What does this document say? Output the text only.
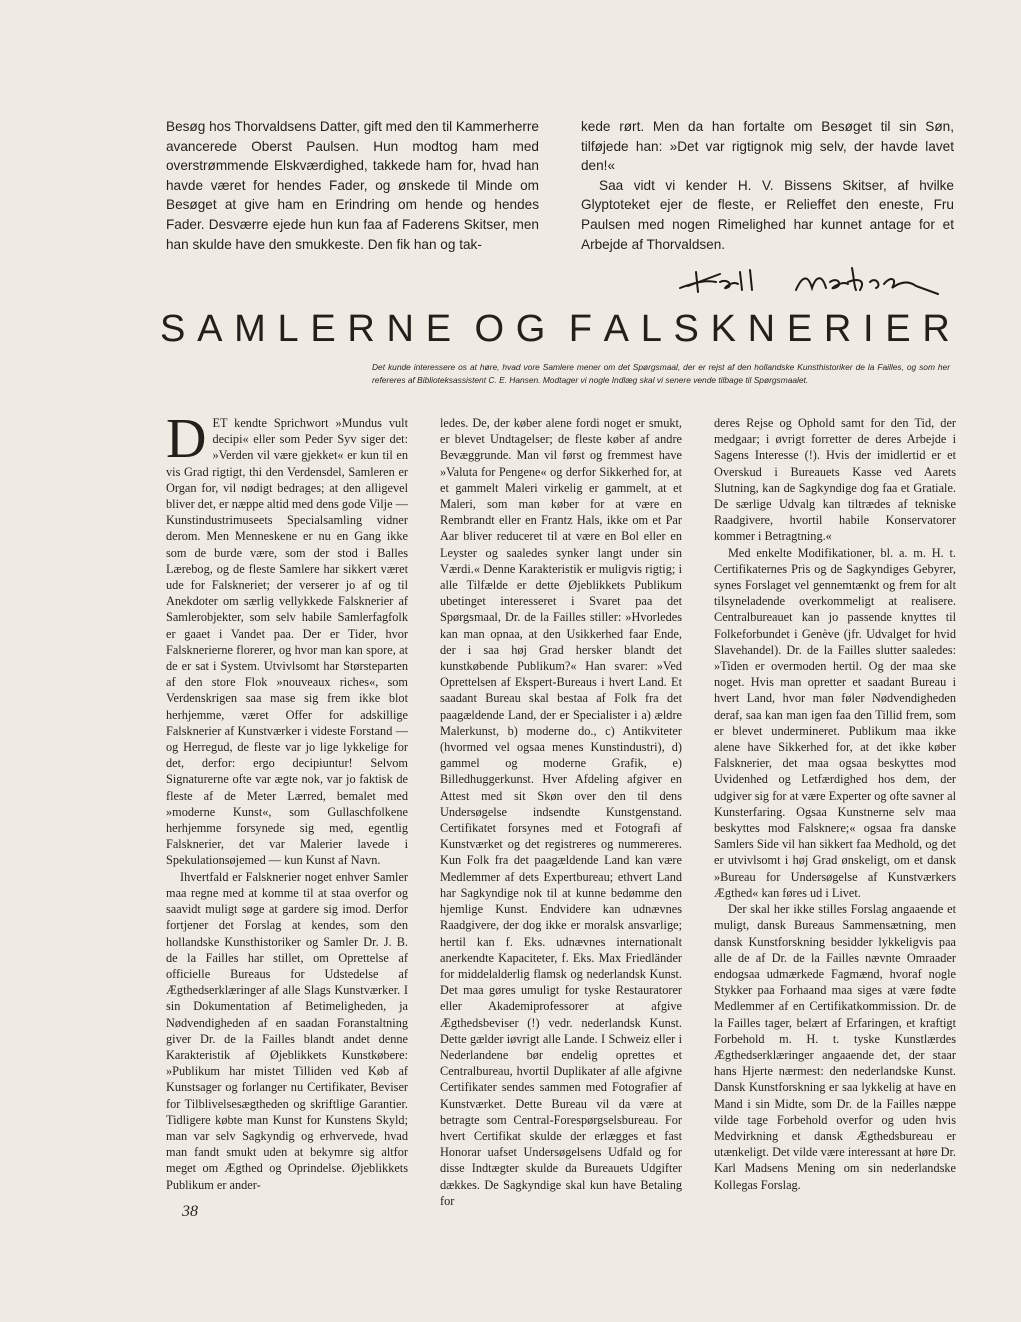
Besøg hos Thorvaldsens Datter, gift med den til Kammerherre avancerede Oberst Paulsen. Hun modtog ham med overstrømmende Elskværdighed, takkede ham for, hvad han havde været for hendes Fader, og ønskede til Minde om Besøget at give ham en Erindring om hende og hendes Fader. Desværre ejede hun kun faa af Faderens Skitser, men han skulde have den smukkeste. Den fik han og tak-

kede rørt. Men da han fortalte om Besøget til sin Søn, tilføjede han: »Det var rigtignok mig selv, der havde lavet den!«

Saa vidt vi kender H. V. Bissens Skitser, af hvilke Glyptoteket ejer de fleste, er Relieffet den eneste, Fru Paulsen med nogen Rimelighed har kunnet antage for et Arbejde af Thorvaldsen.

S A M L E R N E O G F A L S K N E R I E R
Det kunde interessere os at høre, hvad vore Samlere mener om det Spørgsmaal, der er rejst af den hollandske Kunsthistoriker de la Failles, og som her refereres af Biblioteksassistent C. E. Hansen. Modtager vi nogle Indlæg skal vi senere vende tilbage til Spørgsmaalet.

DET kendte Sprichwort »Mundus vult decipi« eller som Peder Syv siger det: »Verden vil være gjekket« er kun til en vis Grad rigtigt, thi den Verdensdel, Samleren er Organ for, vil nødigt bedrages; at den alligevel bliver det, er næppe altid med dens gode Vilje — Kunstindustrimuseets Specialsamling vidner derom. Men Menneskene er nu en Gang ikke som de burde være, som der stod i Balles Lærebog, og de fleste Samlere har sikkert været ude for Falskneriet; der verserer jo af og til Anekdoter om særlig vellykkede Falsknerier af Samlerobjekter, som selv habile Samlerfagfolk er gaaet i Vandet paa. Der er Tider, hvor Falsknerierne florerer, og hvor man kan spore, at de er sat i System. Utvivlsomt har Størsteparten af den store Flok »nouveaux riches«, som Verdenskrigen saa mase sig frem ikke blot herhjemme, været Offer for adskillige Falsknerier af Kunstværker i videste Forstand — og Herregud, de fleste var jo lige lykkelige for det, derfor: ergo decipiuntur! Selvom Signaturerne ofte var ægte nok, var jo faktisk de fleste af de Meter Lærred, bemalet med »moderne Kunst«, som Gullaschfolkene herhjemme forsynede sig med, egentlig Falsknerier, det var Malerier lavede i Spekulationsøjemed — kun Kunst af Navn.

Ihvertfald er Falsknerier noget enhver Samler maa regne med at komme til at staa overfor og saavidt muligt søge at gardere sig imod. Derfor fortjener det Forslag at kendes, som den hollandske Kunsthistoriker og Samler Dr. J. B. de la Failles har stillet, om Oprettelse af officielle Bureaus for Udstedelse af Ægthedserklæringer af alle Slags Kunstværker. I sin Dokumentation af Betimeligheden, ja Nødvendigheden af en saadan Foranstaltning giver Dr. de la Failles blandt andet denne Karakteristik af Øjeblikkets Kunstkøbere: »Publikum har mistet Tilliden ved Køb af Kunstsager og forlanger nu Certifikater, Beviser for Tilblivelsesægtheden og skriftlige Garantier. Tidligere købte man Kunst for Kunstens Skyld; man var selv Sagkyndig og erhvervede, hvad man fandt smukt uden at bekymre sig altfor meget om Ægthed og Oprindelse. Øjeblikkets Publikum er ander-

ledes. De, der køber alene fordi noget er smukt, er blevet Undtagelser; de fleste køber af andre Bevæggrunde. Man vil først og fremmest have »Valuta for Pengene« og derfor Sikkerhed for, at et gammelt Maleri virkelig er gammelt, at et Maleri, som man køber for at være en Rembrandt eller en Frantz Hals, ikke om et Par Aar bliver reduceret til at være en Bol eller en Leyster og saaledes synker langt under sin Værdi.« Denne Karakteristik er muligvis rigtig; i alle Tilfælde er dette Øjeblikkets Publikum ubetinget interesseret i Svaret paa det Spørgsmaal, Dr. de la Failles stiller: »Hvorledes kan man opnaa, at den Usikkerhed faar Ende, der i saa høj Grad hersker blandt det kunstkøbende Publikum?« Han svarer: »Ved Oprettelsen af Ekspert-Bureaus i hvert Land. Et saadant Bureau skal bestaa af Folk fra det paagældende Land, der er Specialister i a) ældre Malerkunst, b) moderne do., c) Antikviteter (hvormed vel ogsaa menes Kunstindustri), d) gammel og moderne Grafik, e) Billedhuggerkunst. Hver Afdeling afgiver en Attest med sit Skøn over den til dens Undersøgelse indsendte Kunstgenstand. Certifikatet forsynes med et Fotografi af Kunstværket og det registreres og nummereres. Kun Folk fra det paagældende Land kan være Medlemmer af dets Expertbureau; ethvert Land har Sagkyndige nok til at kunne bedømme den hjemlige Kunst. Endvidere kan udnævnes Raadgivere, der dog ikke er moralsk ansvarlige; hertil kan f. Eks. udnævnes internationalt anerkendte Kapaciteter, f. Eks. Max Friedländer for middelalderlig flamsk og nederlandsk Kunst. Det maa gøres umuligt for tyske Restauratorer eller Akademiprofessorer at afgive Ægthedsbeviser (!) vedr. nederlandsk Kunst. Dette gælder iøvrigt alle Lande. I Schweiz eller i Nederlandene bør endelig oprettes et Centralbureau, hvortil Duplikater af alle afgivne Certifikater sendes sammen med Fotografier af Kunstværket. Dette Bureau vil da være at betragte som Central-Forespørgselsbureau. For hvert Certifikat skulde der erlægges et fast Honorar uafset Undersøgelsens Udfald og for disse Indtægter skulde da Bureauets Udgifter dækkes. De Sagkyndige skal kun have Betaling for

deres Rejse og Ophold samt for den Tid, der medgaar; i øvrigt forretter de deres Arbejde i Sagens Interesse (!). Hvis der imidlertid er et Overskud i Bureauets Kasse ved Aarets Slutning, kan de Sagkyndige dog faa et Gratiale. De særlige Udvalg kan tiltrædes af tekniske Raadgivere, hvortil habile Konservatorer kommer i Betragtning.«

Med enkelte Modifikationer, bl. a. m. H. t. Certifikaternes Pris og de Sagkyndiges Gebyrer, synes Forslaget vel gennemtænkt og frem for alt tilsyneladende overkommeligt at realisere. Centralbureauet kan jo passende knyttes til Folkeforbundet i Genève (jfr. Udvalget for hvid Slavehandel). Dr. de la Failles slutter saaledes: »Tiden er overmoden hertil. Og der maa ske noget. Hvis man opretter et saadant Bureau i hvert Land, hvor man føler Nødvendigheden deraf, saa kan man igen faa den Tillid frem, som er blevet undermineret. Publikum maa ikke alene have Sikkerhed for, at det ikke køber Falsknerier, det maa ogsaa beskyttes mod Uvidenhed og Letfærdighed hos dem, der udgiver sig for at være Experter og ofte savner al Kunsterfaring. Ogsaa Kunstnerne selv maa beskyttes mod Falsknere;« ogsaa fra danske Samlers Side vil han sikkert faa Medhold, og det er utvivlsomt i høj Grad ønskeligt, om et dansk »Bureau for Undersøgelse af Kunstværkers Ægthed« kan føres ud i Livet.

Der skal her ikke stilles Forslag angaaende et muligt, dansk Bureaus Sammensætning, men dansk Kunstforskning besidder lykkeligvis paa alle de af Dr. de la Failles nævnte Omraader endogsaa udmærkede Fagmænd, hvoraf nogle Stykker paa Forhaand maa siges at være fødte Medlemmer af en Certifikatkommission. Dr. de la Failles tager, belært af Erfaringen, et kraftigt Forbehold m. H. t. tyske Kunstlærdes Ægthedserklæringer angaaende det, der staar hans Hjerte nærmest: den nederlandske Kunst. Dansk Kunstforskning er saa lykkelig at have en Mand i sin Midte, som Dr. de la Failles næppe vilde tage Forbehold overfor og uden hvis Medvirkning et dansk Ægthedsbureau er utænkeligt. Det vilde være interessant at høre Dr. Karl Madsens Mening om sin nederlandske Kollegas Forslag.

38
